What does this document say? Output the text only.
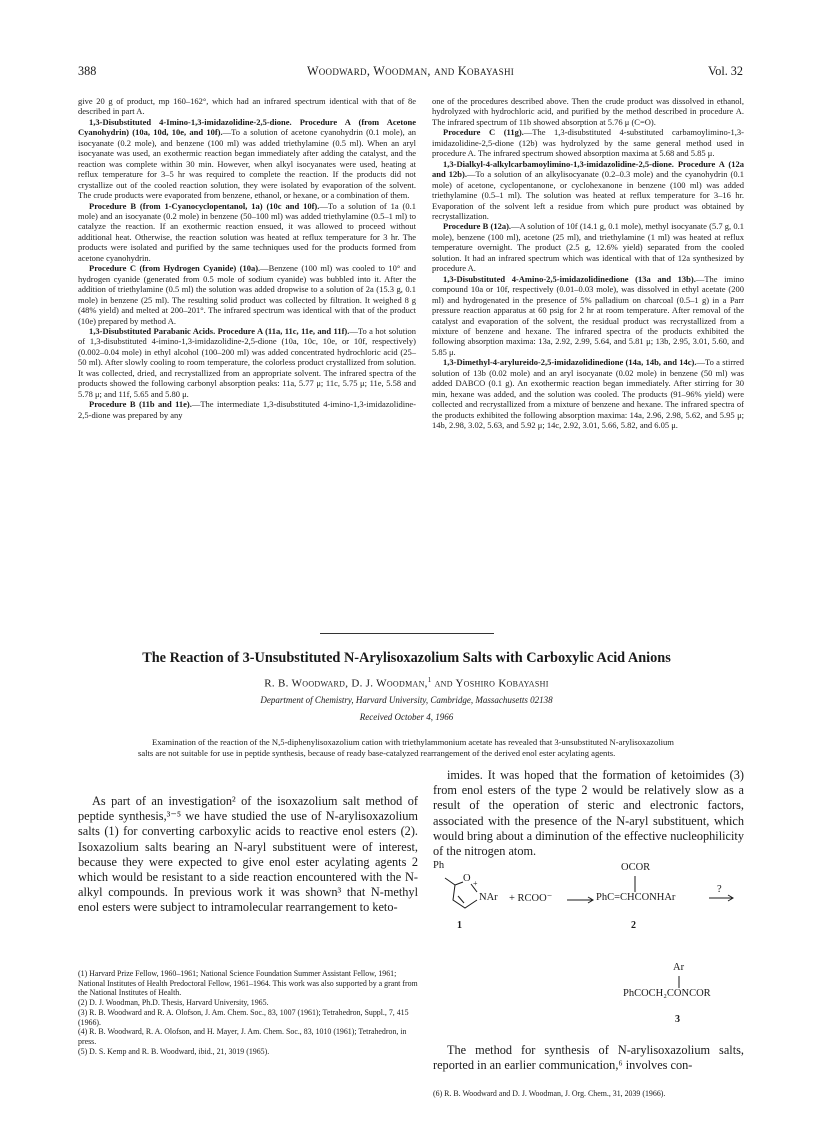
388	Woodward, Woodman, and Kobayashi	Vol. 32

give 20 g of product, mp 160–162°, which had an infrared spectrum identical with that of 8e described in part A.

1,3-Disubstituted 4-Imino-1,3-imidazolidine-2,5-dione. Procedure A (from Acetone Cyanohydrin) (10a, 10d, 10e, and 10f).—To a solution of acetone cyanohydrin (0.1 mole), an isocyanate (0.2 mole), and benzene (100 ml) was added triethylamine (0.5 ml). When an aryl isocyanate was used, an exothermic reaction began immediately after adding the catalyst, and the reaction was complete within 30 min. However, when alkyl isocyanates were used, heating at reflux temperature for 3–5 hr was required to complete the reaction. If the products did not crystallize out of the cooled reaction solution, they were isolated by evaporation of the solvent. The crude products were evaporated from benzene, ethanol, or hexane, or a combination of them.

Procedure B (from 1-Cyanocyclopentanol, 1a) (10c and 10f).—To a solution of 1a (0.1 mole) and an isocyanate (0.2 mole) in benzene (50–100 ml) was added triethylamine (0.5–1 ml) to catalyze the reaction. If an exothermic reaction ensued, it was allowed to proceed without additional heat. Otherwise, the reaction solution was heated at reflux temperature for 3 hr. The products were isolated and purified by the same techniques used for the products formed from acetone cyanohydrin.

Procedure C (from Hydrogen Cyanide) (10a).—Benzene (100 ml) was cooled to 10° and hydrogen cyanide (generated from 0.5 mole of sodium cyanide) was bubbled into it. After the addition of triethylamine (0.5 ml) the solution was added dropwise to a solution of 2a (15.3 g, 0.1 mole) in benzene (25 ml). The resulting solid product was collected by filtration. It weighed 8 g (48% yield) and melted at 200–201°. The infrared spectrum was identical with that of the product (10e) prepared by method A.

1,3-Disubstituted Parabanic Acids. Procedure A (11a, 11c, 11e, and 11f).—To a hot solution of 1,3-disubstituted 4-imino-1,3-imidazolidine-2,5-dione (10a, 10c, 10e, or 10f, respectively) (0.002–0.04 mole) in ethyl alcohol (100–200 ml) was added concentrated hydrochloric acid (25–50 ml). After slowly cooling to room temperature, the colorless product crystallized from solution. It was collected, dried, and recrystallized from an appropriate solvent. The infrared spectra of the products showed the following carbonyl absorption peaks: 11a, 5.77 μ; 11c, 5.75 μ; 11e, 5.58 and 5.78 μ; and 11f, 5.65 and 5.80 μ.

Procedure B (11b and 11e).—The intermediate 1,3-disubstituted 4-imino-1,3-imidazolidine-2,5-dione was prepared by any

one of the procedures described above. Then the crude product was dissolved in ethanol, hydrolyzed with hydrochloric acid, and purified by the method described in procedure A. The infrared spectrum of 11b showed absorption at 5.76 μ (C=O).

Procedure C (11g).—The 1,3-disubstituted 4-substituted carbamoylimino-1,3-imidazolidine-2,5-dione (12b) was hydrolyzed by the same general method used in procedure A. The infrared spectrum showed absorption maxima at 5.68 and 5.85 μ.

1,3-Dialkyl-4-alkylcarbamoylimino-1,3-imidazolidine-2,5-dione. Procedure A (12a and 12b).—To a solution of an alkylisocyanate (0.2–0.3 mole) and the cyanohydrin (0.1 mole) of acetone, cyclopentanone, or cyclohexanone in benzene (100 ml) was added triethylamine (0.5–1 ml). The solution was heated at reflux temperature for 3–16 hr. Evaporation of the solvent left a residue from which pure product was obtained by recrystallization.

Procedure B (12a).—A solution of 10f (14.1 g, 0.1 mole), methyl isocyanate (5.7 g, 0.1 mole), benzene (100 ml), acetone (25 ml), and triethylamine (1 ml) was heated at reflux temperature overnight. The product (2.5 g, 12.6% yield) separated from the cooled solution. It had an infrared spectrum which was identical with that of 12a synthesized by procedure A.

1,3-Disubstituted 4-Amino-2,5-imidazolidinedione (13a and 13b).—The imino compound 10a or 10f, respectively (0.01–0.03 mole), was dissolved in ethyl acetate (200 ml) and hydrogenated in the presence of 5% palladium on charcoal (0.5–1 g) in a Parr pressure reaction apparatus at 60 psig for 2 hr at room temperature. After removal of the catalyst and evaporation of the solvent, the residual product was recrystallized from a mixture of benzene and hexane. The infrared spectra of the products exhibited the following absorption maxima: 13a, 2.92, 2.99, 5.64, and 5.81 μ; 13b, 2.95, 3.01, 5.60, and 5.85 μ.

1,3-Dimethyl-4-arylureido-2,5-imidazolidinedione (14a, 14b, and 14c).—To a stirred solution of 13b (0.02 mole) and an aryl isocyanate (0.02 mole) in benzene (50 ml) was added DABCO (0.1 g). An exothermic reaction began immediately. After stirring for 30 min, hexane was added, and the solution was cooled. The products (91–96% yield) were collected and recrystallized from a mixture of benzene and hexane. The infrared spectra of the products exhibited the following absorption maxima: 14a, 2.96, 2.98, 5.62, and 5.95 μ; 14b, 2.98, 3.02, 5.63, and 5.92 μ; 14c, 2.92, 3.01, 5.66, 5.82, and 6.05 μ.

The Reaction of 3-Unsubstituted N-Arylisoxazolium Salts with Carboxylic Acid Anions
R. B. Woodward, D. J. Woodman,$^1$ and Yoshiro Kobayashi
Department of Chemistry, Harvard University, Cambridge, Massachusetts 02138
Received October 4, 1966

Examination of the reaction of the N,5-diphenylisoxazolium cation with triethylammonium acetate has revealed that 3-unsubstituted N-arylisoxazolium salts are not suitable for use in peptide synthesis, because of ready base-catalyzed rearrangement of the derived enol ester acylating agents.

As part of an investigation² of the isoxazolium salt method of peptide synthesis,³⁻⁵ we have studied the use of N-arylisoxazolium salts (1) for converting carboxylic acids to reactive enol esters (2). Isoxazolium salts bearing an N-aryl substituent were of interest, because they were expected to give enol ester acylating agents 2 which would be resistant to a side reaction encountered with the N-alkyl compounds. In previous work it was shown³ that N-methyl enol esters were subject to intramolecular rearrangement to keto-

imides. It was hoped that the formation of ketoimides (3) from enol esters of the type 2 would be relatively slow as a result of the operation of steric and electronic factors, associated with the presence of the N-aryl substituent, which would bring about a diminution of the effective nucleophilicity of the nitrogen atom.

Ph
O +
NAr + RCOO⁻
OCOR
PhC=CHCONHAr
?
1	2
Ar
PhCOCH₂CONCOR
3

The method for synthesis of N-arylisoxazolium salts, reported in an earlier communication,⁶ involves con-

(1) Harvard Prize Fellow, 1960–1961; National Science Foundation Summer Assistant Fellow, 1961; National Institutes of Health Predoctoral Fellow, 1961–1964. This work was also supported by a grant from the National Institutes of Health.

(2) D. J. Woodman, Ph.D. Thesis, Harvard University, 1965.

(3) R. B. Woodward and R. A. Olofson, J. Am. Chem. Soc., 83, 1007 (1961); Tetrahedron, Suppl., 7, 415 (1966).

(4) R. B. Woodward, R. A. Olofson, and H. Mayer, J. Am. Chem. Soc., 83, 1010 (1961); Tetrahedron, in press.

(5) D. S. Kemp and R. B. Woodward, ibid., 21, 3019 (1965).

(6) R. B. Woodward and D. J. Woodman, J. Org. Chem., 31, 2039 (1966).
